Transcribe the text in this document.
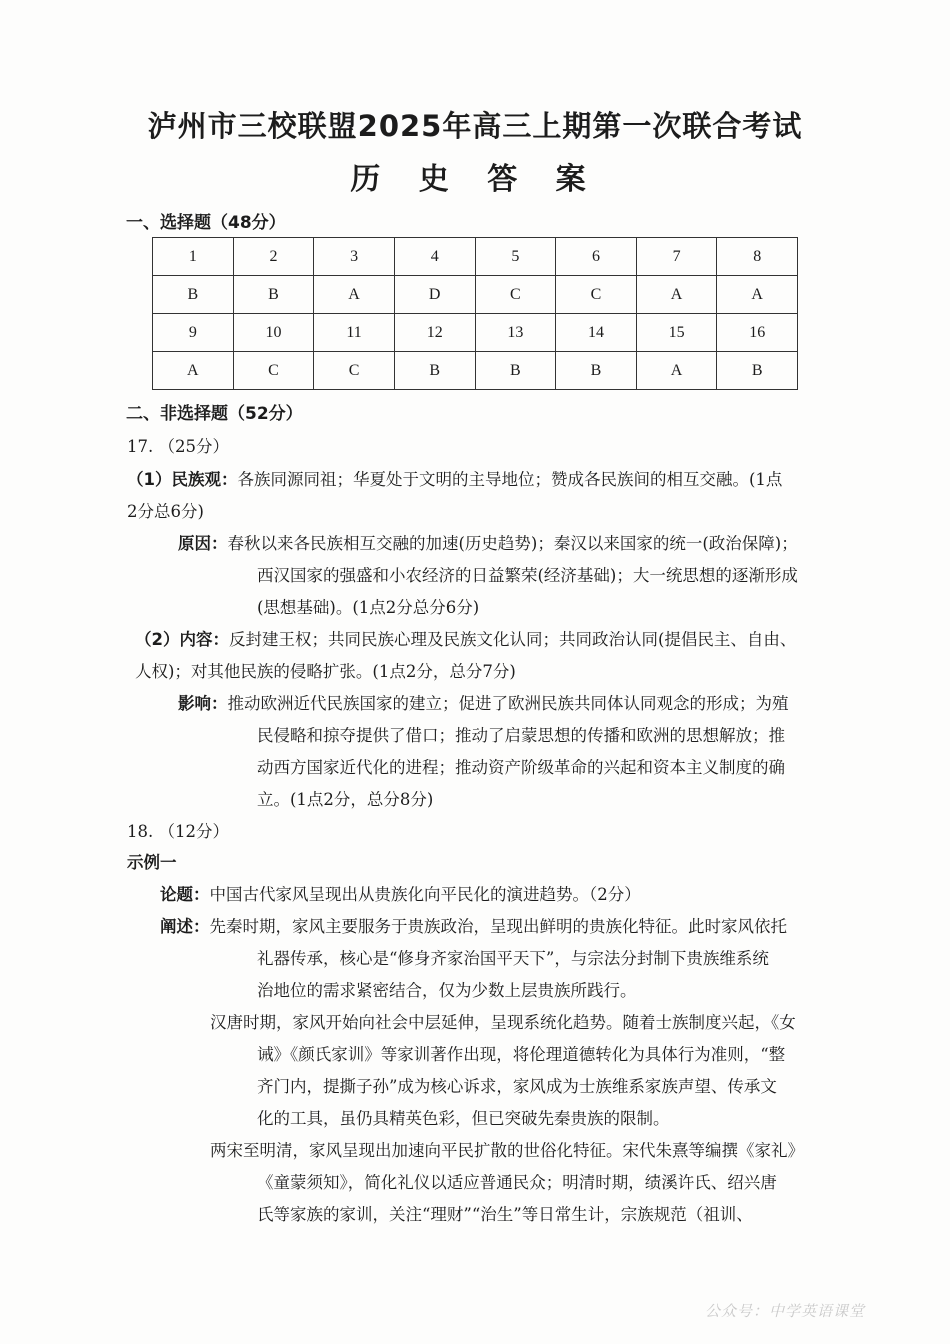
泸州市三校联盟2025年高三上期第一次联合考试
历 史 答 案
一、选择题（48分）
1	2	3	4	5	6	7	8
B	B	A	D	C	C	A	A
9	10	11	12	13	14	15	16
A	C	C	B	B	B	A	B
二、非选择题（52分）
17. （25分）
（1）民族观：各族同源同祖；华夏处于文明的主导地位；赞成各民族间的相互交融。(1点
2分总6分)
原因：春秋以来各民族相互交融的加速(历史趋势)；秦汉以来国家的统一(政治保障)；
西汉国家的强盛和小农经济的日益繁荣(经济基础)；大一统思想的逐渐形成
(思想基础)。(1点2分总分6分)
（2）内容：反封建王权；共同民族心理及民族文化认同；共同政治认同(提倡民主、自由、
人权)；对其他民族的侵略扩张。(1点2分，总分7分)
影响：推动欧洲近代民族国家的建立；促进了欧洲民族共同体认同观念的形成；为殖
民侵略和掠夺提供了借口；推动了启蒙思想的传播和欧洲的思想解放；推
动西方国家近代化的进程；推动资产阶级革命的兴起和资本主义制度的确
立。(1点2分，总分8分)
18. （12分）
示例一
论题：中国古代家风呈现出从贵族化向平民化的演进趋势。（2分）
阐述：先秦时期，家风主要服务于贵族政治，呈现出鲜明的贵族化特征。此时家风依托
礼器传承，核心是“修身齐家治国平天下”，与宗法分封制下贵族维系统
治地位的需求紧密结合，仅为少数上层贵族所践行。
汉唐时期，家风开始向社会中层延伸，呈现系统化趋势。随着士族制度兴起，《女
诫》《颜氏家训》等家训著作出现，将伦理道德转化为具体行为准则，“整
齐门内，提撕子孙”成为核心诉求，家风成为士族维系家族声望、传承文
化的工具，虽仍具精英色彩，但已突破先秦贵族的限制。
两宋至明清，家风呈现出加速向平民扩散的世俗化特征。宋代朱熹等编撰《家礼》
《童蒙须知》，简化礼仪以适应普通民众；明清时期，绩溪许氏、绍兴唐
氏等家族的家训，关注“理财”“治生”等日常生计，宗族规范（祖训、
公众号：中学英语课堂
